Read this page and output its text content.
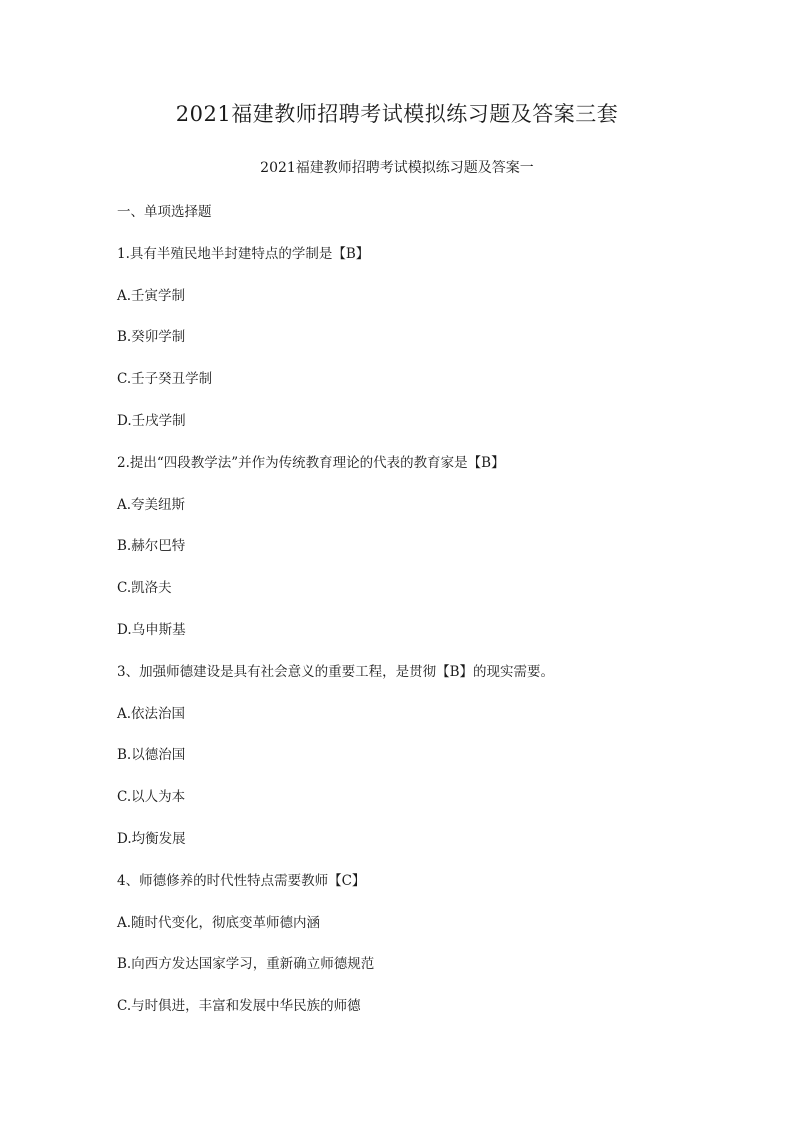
2021福建教师招聘考试模拟练习题及答案三套
2021福建教师招聘考试模拟练习题及答案一
一、单项选择题
1.具有半殖民地半封建特点的学制是【B】
A.壬寅学制
B.癸卯学制
C.壬子癸丑学制
D.壬戌学制
2.提出“四段教学法”并作为传统教育理论的代表的教育家是【B】
A.夸美纽斯
B.赫尔巴特
C.凯洛夫
D.乌申斯基
3、加强师德建设是具有社会意义的重要工程，是贯彻【B】的现实需要。
A.依法治国
B.以德治国
C.以人为本
D.均衡发展
4、师德修养的时代性特点需要教师【C】
A.随时代变化，彻底变革师德内涵
B.向西方发达国家学习，重新确立师德规范
C.与时俱进，丰富和发展中华民族的师德
